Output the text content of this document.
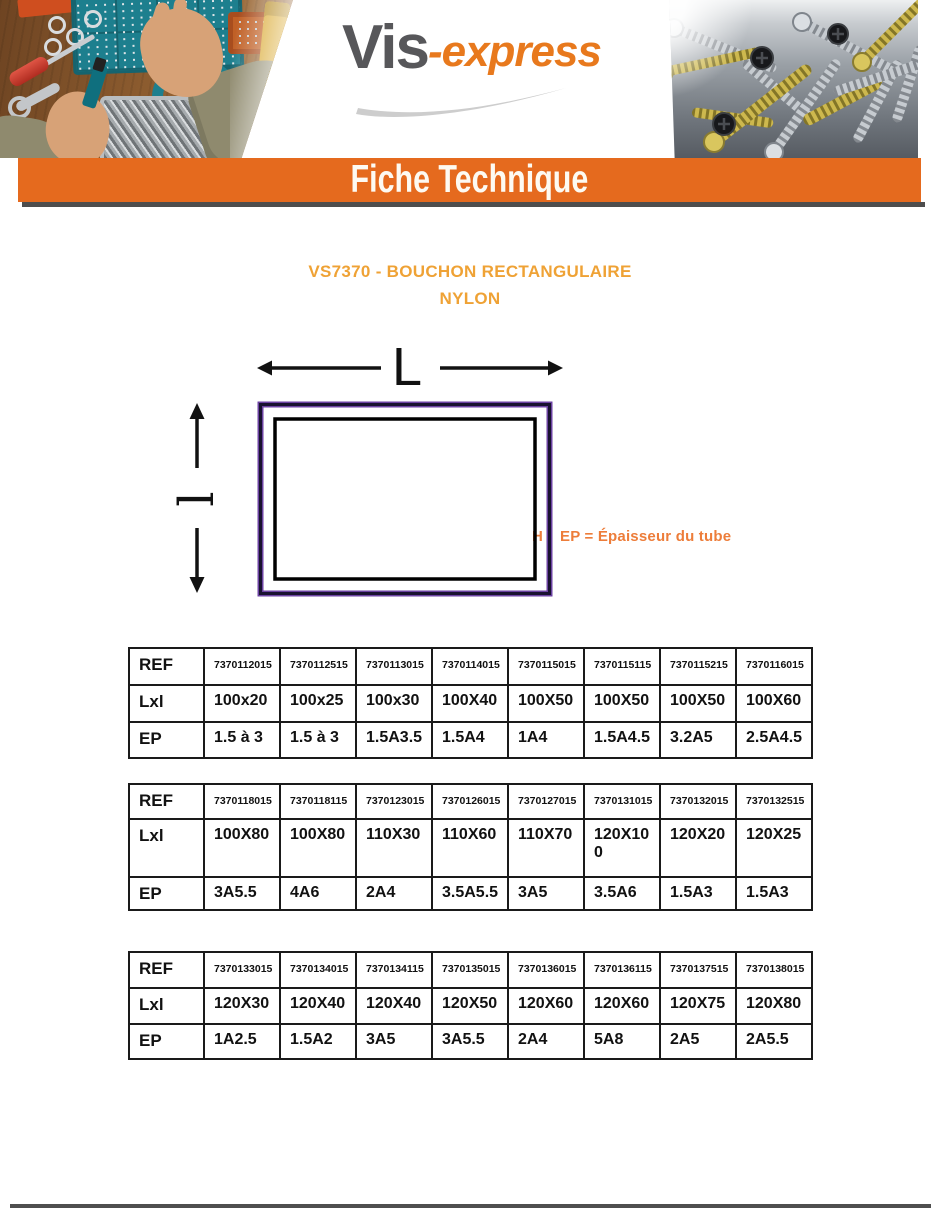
Vis-express
Fiche Technique
VS7370 - BOUCHON RECTANGULAIRE
NYLON
H
L
l
EP = Épaisseur du tube
REF	7370112015	7370112515	7370113015	7370114015	7370115015	7370115115	7370115215	7370116015
Lxl	100x20	100x25	100x30	100X40	100X50	100X50	100X50	100X60
EP	1.5 à 3	1.5 à 3	1.5A3.5	1.5A4	1A4	1.5A4.5	3.2A5	2.5A4.5
REF	7370118015	7370118115	7370123015	7370126015	7370127015	7370131015	7370132015	7370132515
Lxl	100X80	100X80	110X30	110X60	110X70	120X100	120X20	120X25
EP	3A5.5	4A6	2A4	3.5A5.5	3A5	3.5A6	1.5A3	1.5A3
REF	7370133015	7370134015	7370134115	7370135015	7370136015	7370136115	7370137515	7370138015
Lxl	120X30	120X40	120X40	120X50	120X60	120X60	120X75	120X80
EP	1A2.5	1.5A2	3A5	3A5.5	2A4	5A8	2A5	2A5.5
